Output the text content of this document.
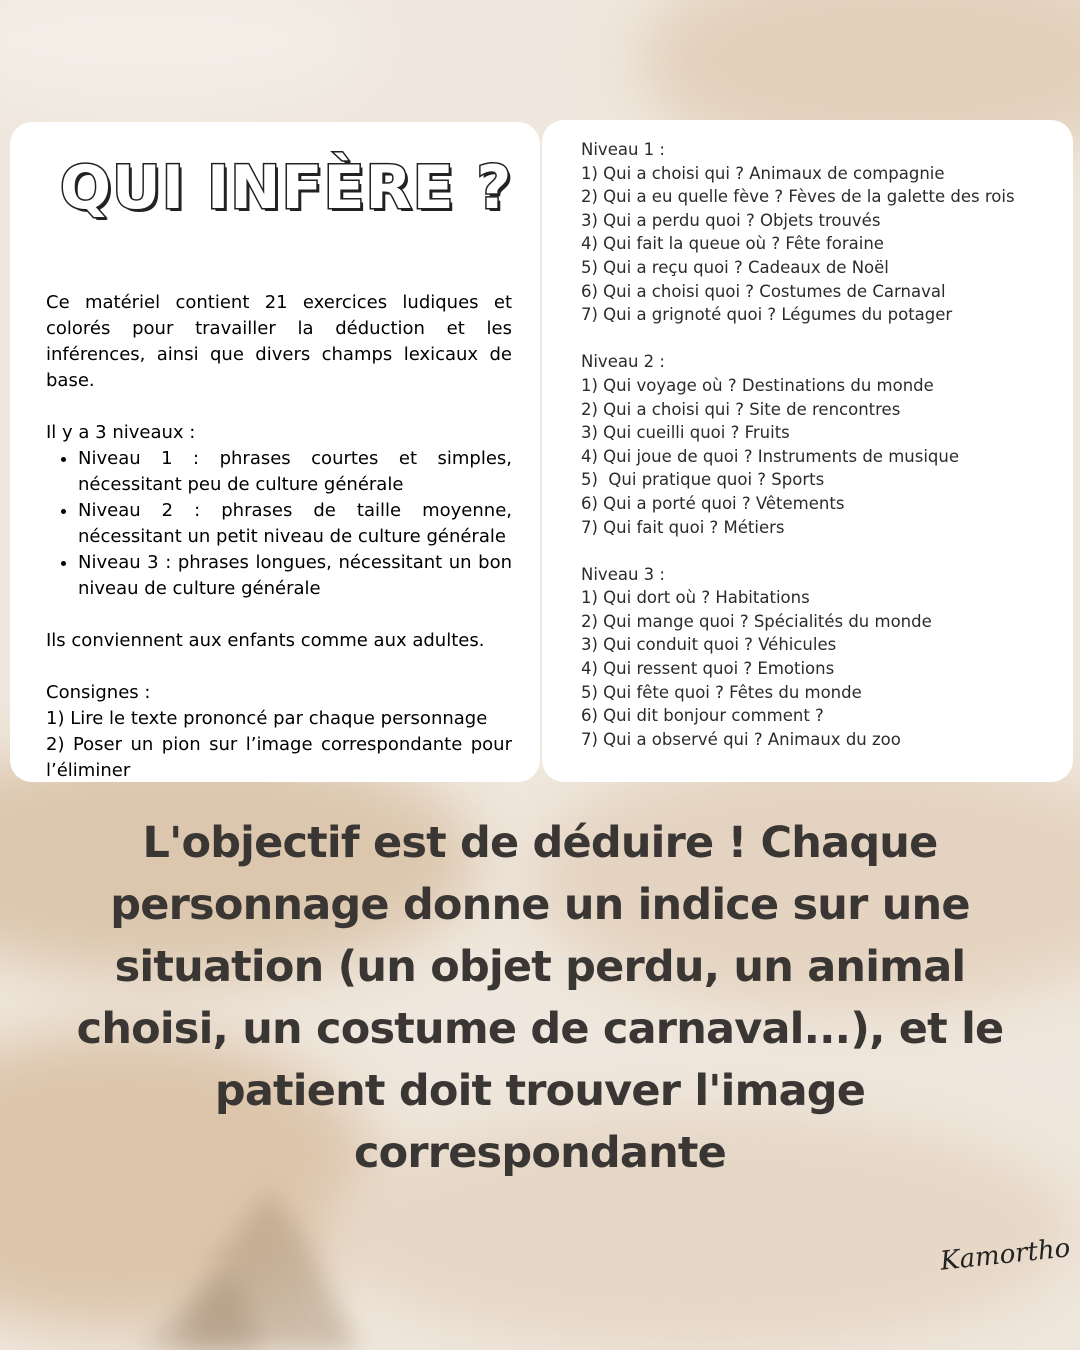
QUI INFÈRE ?

Ce matériel contient 21 exercices ludiques et colorés pour travailler la déduction et les inférences, ainsi que divers champs lexicaux de base.

Il y a 3 niveaux :

• Niveau 1 : phrases courtes et simples, nécessitant peu de culture générale
• Niveau 2 : phrases de taille moyenne, nécessitant un petit niveau de culture générale
• Niveau 3 : phrases longues, nécessitant un bon niveau de culture générale

Ils conviennent aux enfants comme aux adultes.

Consignes :

1) Lire le texte prononcé par chaque personnage

2) Poser un pion sur l’image correspondante pour l’éliminer

Niveau 1 :

1) Qui a choisi qui ? Animaux de compagnie

2) Qui a eu quelle fève ? Fèves de la galette des rois

3) Qui a perdu quoi ? Objets trouvés

4) Qui fait la queue où ? Fête foraine

5) Qui a reçu quoi ? Cadeaux de Noël

6) Qui a choisi quoi ? Costumes de Carnaval

7) Qui a grignoté quoi ? Légumes du potager

Niveau 2 :

1) Qui voyage où ? Destinations du monde

2) Qui a choisi qui ? Site de rencontres

3) Qui cueilli quoi ? Fruits

4) Qui joue de quoi ? Instruments de musique

5)  Qui pratique quoi ? Sports

6) Qui a porté quoi ? Vêtements

7) Qui fait quoi ? Métiers

Niveau 3 :

1) Qui dort où ? Habitations

2) Qui mange quoi ? Spécialités du monde

3) Qui conduit quoi ? Véhicules

4) Qui ressent quoi ? Emotions

5) Qui fête quoi ? Fêtes du monde

6) Qui dit bonjour comment ?

7) Qui a observé qui ? Animaux du zoo

L'objectif est de déduire ! Chaque personnage donne un indice sur une situation (un objet perdu, un animal choisi, un costume de carnaval...), et le patient doit trouver l'image correspondante

Kamortho
